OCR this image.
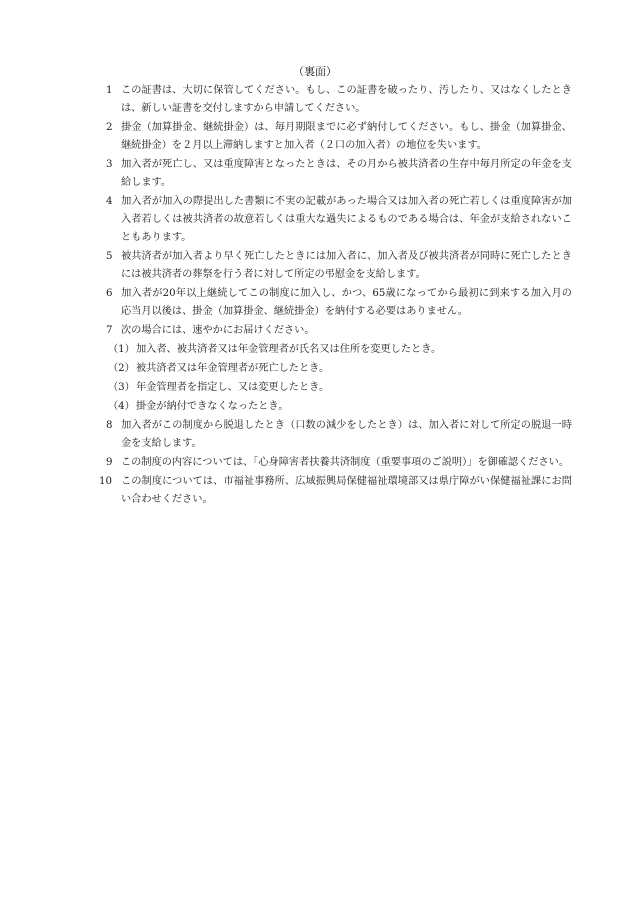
（裏面）
1 この証書は、大切に保管してください。もし、この証書を破ったり、汚したり、又はなくしたときは、新しい証書を交付しますから申請してください。
2 掛金（加算掛金、継続掛金）は、毎月期限までに必ず納付してください。もし、掛金（加算掛金、継続掛金）を２月以上滞納しますと加入者（２口の加入者）の地位を失います。
3 加入者が死亡し、又は重度障害となったときは、その月から被共済者の生存中毎月所定の年金を支給します。
4 加入者が加入の際提出した書類に不実の記載があった場合又は加入者の死亡若しくは重度障害が加入者若しくは被共済者の故意若しくは重大な過失によるものである場合は、年金が支給されないこともあります。
5 被共済者が加入者より早く死亡したときには加入者に、加入者及び被共済者が同時に死亡したときには被共済者の葬祭を行う者に対して所定の弔慰金を支給します。
6 加入者が20年以上継続してこの制度に加入し、かつ、65歳になってから最初に到来する加入月の応当月以後は、掛金（加算掛金、継続掛金）を納付する必要はありません。
7 次の場合には、速やかにお届けください。
（1）加入者、被共済者又は年金管理者が氏名又は住所を変更したとき。
（2）被共済者又は年金管理者が死亡したとき。
（3）年金管理者を指定し、又は変更したとき。
（4）掛金が納付できなくなったとき。
8 加入者がこの制度から脱退したとき（口数の減少をしたとき）は、加入者に対して所定の脱退一時金を支給します。
9 この制度の内容については、「心身障害者扶養共済制度（重要事項のご説明）」を御確認ください。
10 この制度については、市福祉事務所、広域振興局保健福祉環境部又は県庁障がい保健福祉課にお問い合わせください。
